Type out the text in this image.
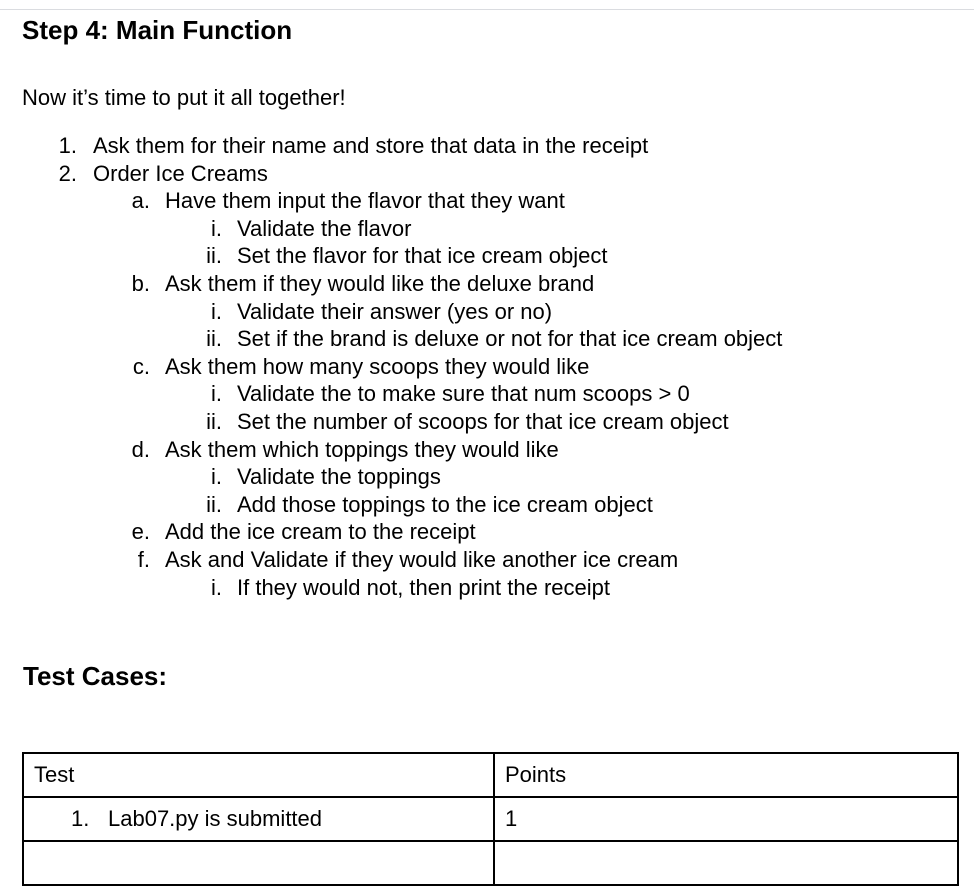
Step 4: Main Function
Now it’s time to put it all together!
1. Ask them for their name and store that data in the receipt
2. Order Ice Creams
a. Have them input the flavor that they want
i. Validate the flavor
ii. Set the flavor for that ice cream object
b. Ask them if they would like the deluxe brand
i. Validate their answer (yes or no)
ii. Set if the brand is deluxe or not for that ice cream object
c. Ask them how many scoops they would like
i. Validate the to make sure that num scoops > 0
ii. Set the number of scoops for that ice cream object
d. Ask them which toppings they would like
i. Validate the toppings
ii. Add those toppings to the ice cream object
e. Add the ice cream to the receipt
f. Ask and Validate if they would like another ice cream
i. If they would not, then print the receipt
Test Cases:
Test	Points
1. Lab07.py is submitted	1
